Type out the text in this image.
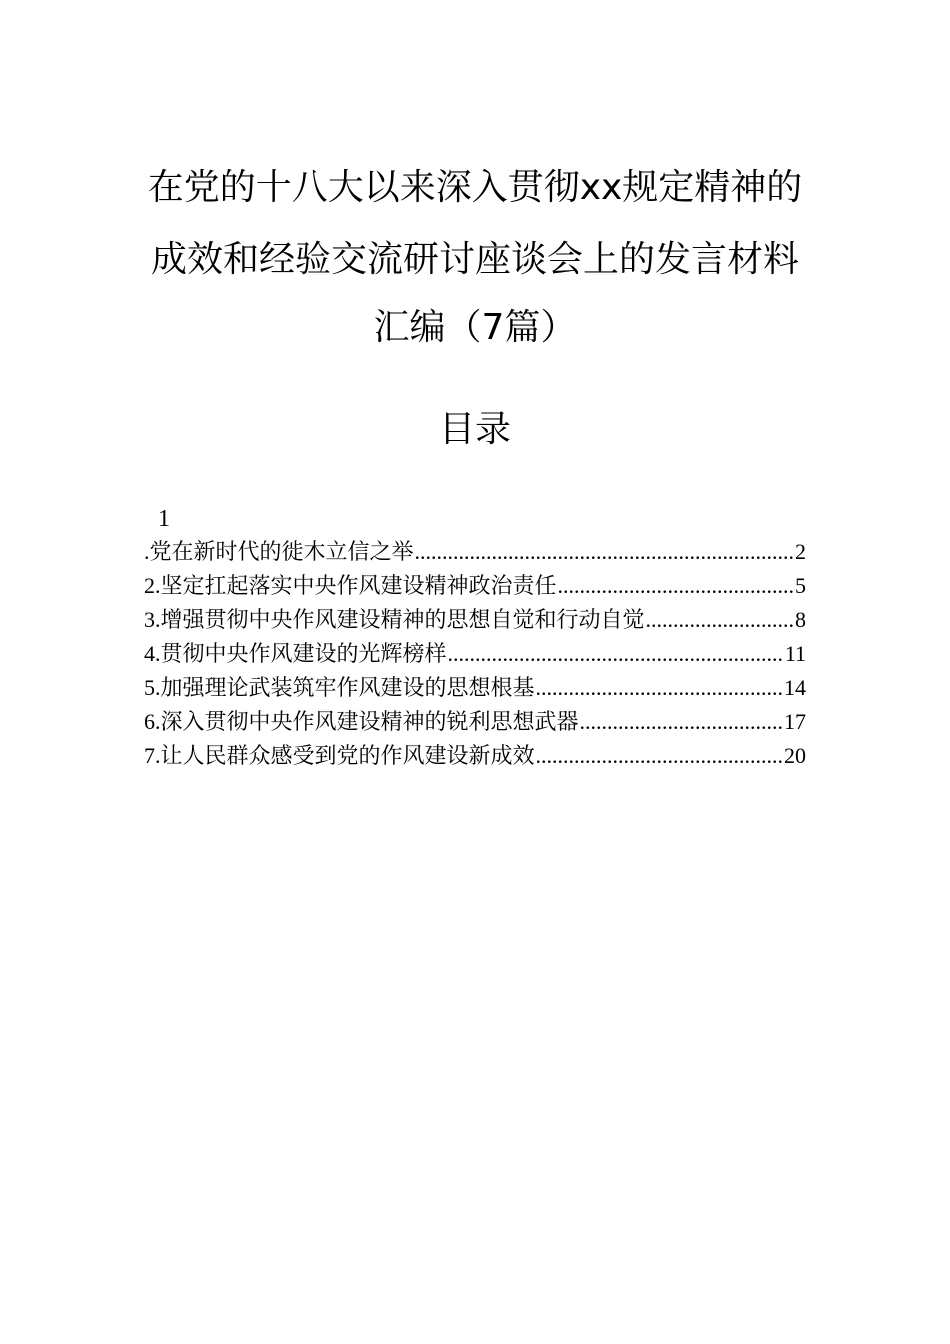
在党的十八大以来深入贯彻xx规定精神的
成效和经验交流研讨座谈会上的发言材料
汇编（7篇）
目录
1
. 党在新时代的徙木立信之举 .....	2
2. 坚定扛起落实中央作风建设精神政治责任 .....	5
3. 增强贯彻中央作风建设精神的思想自觉和行动自觉 .....	8
4. 贯彻中央作风建设的光辉榜样 .....	11
5. 加强理论武装筑牢作风建设的思想根基 .....	14
6. 深入贯彻中央作风建设精神的锐利思想武器 .....	17
7. 让人民群众感受到党的作风建设新成效 .....	20
